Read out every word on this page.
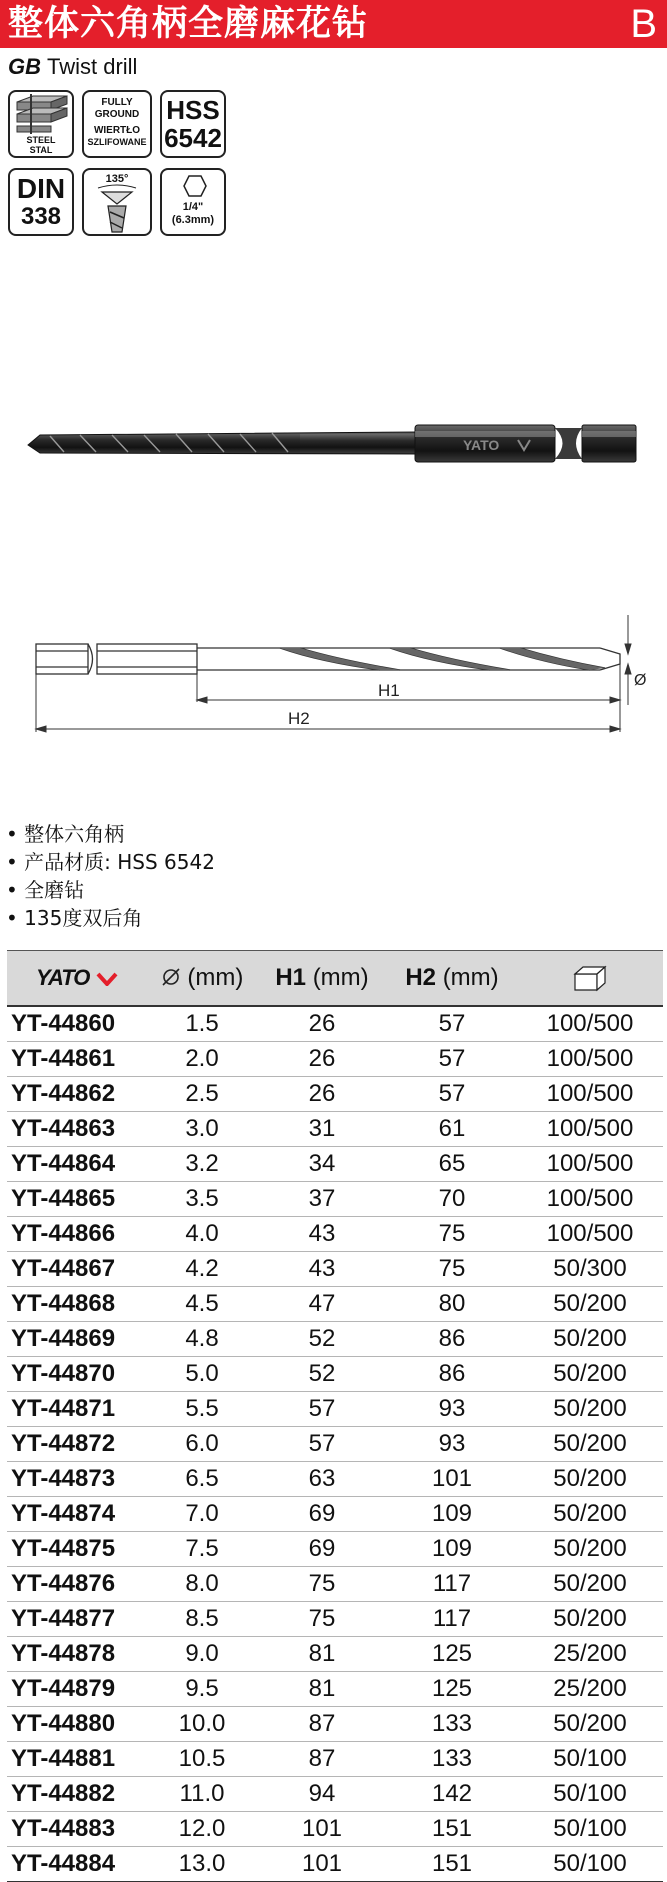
整体六角柄全磨麻花钻	B
GB Twist drill
STEEL
STAL
FULLY
GROUND
WIERTŁO
SZLIFOWANE
HSS
6542
DIN
338
135°
1/4"
(6.3mm)
YATO
H1
H2
Ø
• 整体六角柄
• 产品材质: HSS 6542
• 全磨钻
• 135度双后角
YATO	(mm)	H1 (mm)	H2 (mm)	
YT-44860	1.5	26	57	100/500
YT-44861	2.0	26	57	100/500
YT-44862	2.5	26	57	100/500
YT-44863	3.0	31	61	100/500
YT-44864	3.2	34	65	100/500
YT-44865	3.5	37	70	100/500
YT-44866	4.0	43	75	100/500
YT-44867	4.2	43	75	50/300
YT-44868	4.5	47	80	50/200
YT-44869	4.8	52	86	50/200
YT-44870	5.0	52	86	50/200
YT-44871	5.5	57	93	50/200
YT-44872	6.0	57	93	50/200
YT-44873	6.5	63	101	50/200
YT-44874	7.0	69	109	50/200
YT-44875	7.5	69	109	50/200
YT-44876	8.0	75	117	50/200
YT-44877	8.5	75	117	50/200
YT-44878	9.0	81	125	25/200
YT-44879	9.5	81	125	25/200
YT-44880	10.0	87	133	50/200
YT-44881	10.5	87	133	50/100
YT-44882	11.0	94	142	50/100
YT-44883	12.0	101	151	50/100
YT-44884	13.0	101	151	50/100
